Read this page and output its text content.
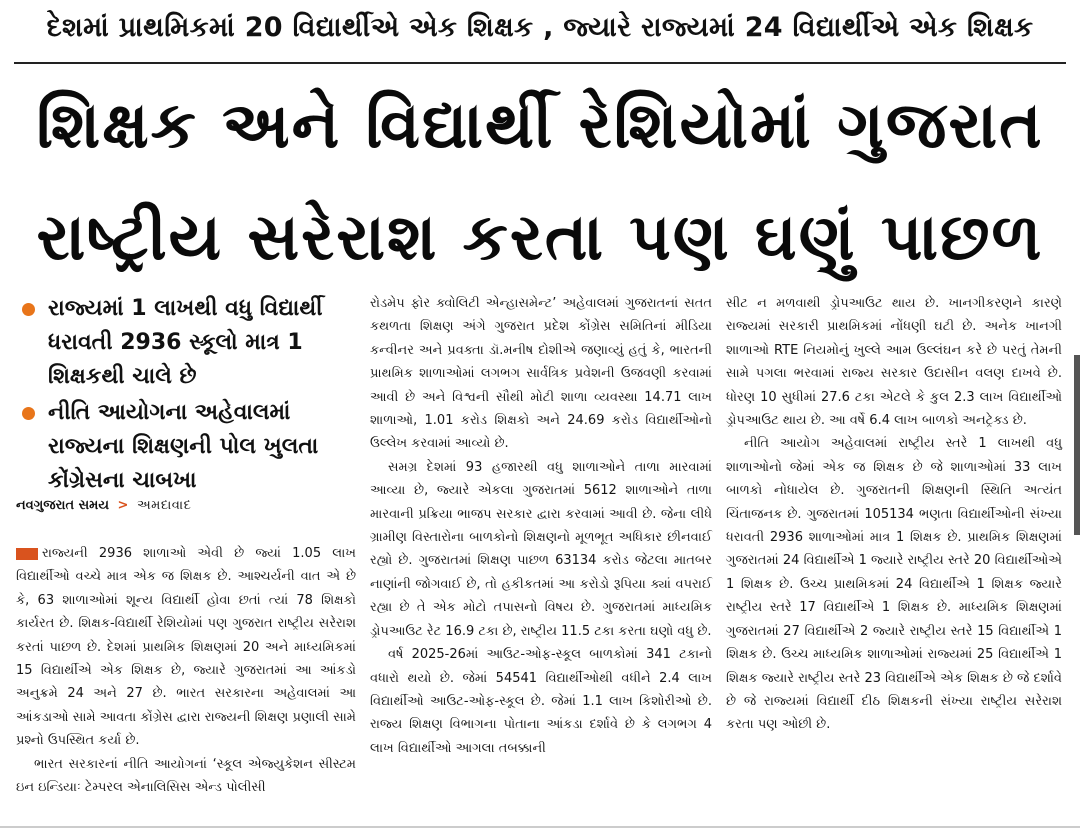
દેશમાં પ્રાથમિકમાં 20 વિદ્યાર્થીએ એક શિક્ષક , જ્યારે રાજ્યમાં 24 વિદ્યાર્થીએ એક શિક્ષક
શિક્ષક અને વિદ્યાર્થી રેશિયોમાં ગુજરાત
રાષ્ટ્રીય સરેરાશ કરતા પણ ઘણું પાછળ
રાજ્યમાં 1 લાખથી વધુ વિદ્યાર્થી ધરાવતી 2936 સ્કૂલો માત્ર 1 શિક્ષકથી ચાલે છે
નીતિ આયોગના અહેવાલમાં રાજ્યના શિક્ષણની પોલ ખુલતા કોંગ્રેસના ચાબખા
નવગુજરાત સમય > અમદાવાદ

રાજ્યની 2936 શાળાઓ એવી છે જ્યાં 1.05 લાખ વિદ્યાર્થીઓ વચ્ચે માત્ર એક જ શિક્ષક છે. આશ્ચર્યની વાત એ છે કે, 63 શાળાઓમાં શૂન્ય વિદ્યાર્થી હોવા છતાં ત્યાં 78 શિક્ષકો કાર્યરત છે. શિક્ષક-વિદ્યાર્થી રેશિયોમાં પણ ગુજરાત રાષ્ટ્રીય સરેરાશ કરતાં પાછળ છે. દેશમાં પ્રાથમિક શિક્ષણમાં 20 અને માધ્યમિકમાં 15 વિદ્યાર્થીએ એક શિક્ષક છે, જ્યારે ગુજરાતમાં આ આંકડો અનુક્રમે 24 અને 27 છે. ભારત સરકારના અહેવાલમાં આ આંકડાઓ સામે આવતા કોંગ્રેસ દ્વારા રાજ્યની શિક્ષણ પ્રણાલી સામે પ્રશ્નો ઉપસ્થિત કર્યા છે.

ભારત સરકારનાં નીતિ આયોગનાં ‘સ્કૂલ એજ્યુકેશન સીસ્ટમ ઇન ઇન્ડિયાઃ ટેમ્પરલ એનાલિસિસ એન્ડ પોલીસી

રોડમેપ ફોર ક્વોલિટી એન્હાસમેન્ટ’ અહેવાલમાં ગુજરાતનાં સતત કથળતા શિક્ષણ અંગે ગુજરાત પ્રદેશ કોંગ્રેસ સમિતિનાં મીડિયા કન્વીનર અને પ્રવક્તા ડૉ.મનીષ દોશીએ જણાવ્યું હતું કે, ભારતની પ્રાથમિક શાળાઓમાં લગભગ સાર્વત્રિક પ્રવેશની ઉજવણી કરવામાં આવી છે અને વિશ્વની સૌથી મોટી શાળા વ્યવસ્થા 14.71 લાખ શાળાઓ, 1.01 કરોડ શિક્ષકો અને 24.69 કરોડ વિદ્યાર્થીઓનો ઉલ્લેખ કરવામાં આવ્યો છે.

સમગ્ર દેશમાં 93 હજારથી વધુ શાળાઓને તાળા મારવામાં આવ્યા છે, જ્યારે એકલા ગુજરાતમાં 5612 શાળાઓને તાળા મારવાની પ્રક્રિયા ભાજપ સરકાર દ્વારા કરવામાં આવી છે. જેના લીધે ગ્રામીણ વિસ્તારોના બાળકોનો શિક્ષણનો મૂળભૂત અધિકાર છીનવાઈ રહ્યો છે. ગુજરાતમાં શિક્ષણ પાછળ 63134 કરોડ જેટલા માતબર નાણાંની જોગવાઈ છે, તો હકીકતમાં આ કરોડો રૂપિયા ક્યાં વપરાઈ રહ્યા છે તે એક મોટો તપાસનો વિષય છે. ગુજરાતમાં માધ્યમિક ડ્રોપઆઉટ રેટ 16.9 ટકા છે, રાષ્ટ્રીય 11.5 ટકા કરતા ઘણો વધુ છે.

વર્ષ 2025-26માં આઉટ-ઓફ-સ્કૂલ બાળકોમાં 341 ટકાનો વધારો થયો છે. જેમાં 54541 વિદ્યાર્થીઓથી વધીને 2.4 લાખ વિદ્યાર્થીઓ આઉટ-ઓફ-સ્કૂલ છે. જેમાં 1.1 લાખ કિશોરીઓ છે. રાજ્ય શિક્ષણ વિભાગના પોતાના આંકડા દર્શાવે છે કે લગભગ 4 લાખ વિદ્યાર્થીઓ આગલા તબક્કાની

સીટ ન મળવાથી ડ્રોપઆઉટ થાય છે. ખાનગીકરણને કારણે રાજ્યમાં સરકારી પ્રાથમિકમાં નોંધણી ઘટી છે. અનેક ખાનગી શાળાઓ RTE નિયમોનું ખુલ્લે આમ ઉલ્લંઘન કરે છે પરતું તેમની સામે પગલા ભરવામાં રાજ્ય સરકાર ઉદાસીન વલણ દાખવે છે. ધોરણ 10 સુધીમાં 27.6 ટકા એટલે કે કુલ 2.3 લાખ વિદ્યાર્થીઓ ડ્રોપઆઉટ થાય છે. આ વર્ષે 6.4 લાખ બાળકો અનટ્રેક્ડ છે.

નીતિ આયોગ અહેવાલમાં રાષ્ટ્રીય સ્તરે 1 લાખથી વધુ શાળાઓનો જેમાં એક જ શિક્ષક છે જે શાળાઓમાં 33 લાખ બાળકો નોધાયેલ છે. ગુજરાતની શિક્ષણની સ્થિતિ અત્યંત ચિંતાજનક છે. ગુજરાતમાં 105134 ભણતા વિદ્યાર્થીઓની સંખ્યા ધરાવતી 2936 શાળાઓમાં માત્ર 1 શિક્ષક છે. પ્રાથમિક શિક્ષણમાં ગુજરાતમાં 24 વિદ્યાર્થીએ 1 જ્યારે રાષ્ટ્રીય સ્તરે 20 વિદ્યાર્થીઓએ 1 શિક્ષક છે. ઉચ્ચ પ્રાથમિકમાં 24 વિદ્યાર્થીએ 1 શિક્ષક જ્યારે રાષ્ટ્રીય સ્તરે 17 વિદ્યાર્થીએ 1 શિક્ષક છે. માધ્યમિક શિક્ષણમાં ગુજરાતમાં 27 વિદ્યાર્થીએ 2 જ્યારે રાષ્ટ્રીય સ્તરે 15 વિદ્યાર્થીએ 1 શિક્ષક છે. ઉચ્ચ માધ્યમિક શાળાઓમાં રાજ્યમાં 25 વિદ્યાર્થીએ 1 શિક્ષક જ્યારે રાષ્ટ્રીય સ્તરે 23 વિદ્યાર્થીએ એક શિક્ષક છે જે દર્શાવે છે જે રાજ્યમાં વિદ્યાર્થી દીઠ શિક્ષકની સંખ્યા રાષ્ટ્રીય સરેરાશ કરતા પણ ઓછી છે.
